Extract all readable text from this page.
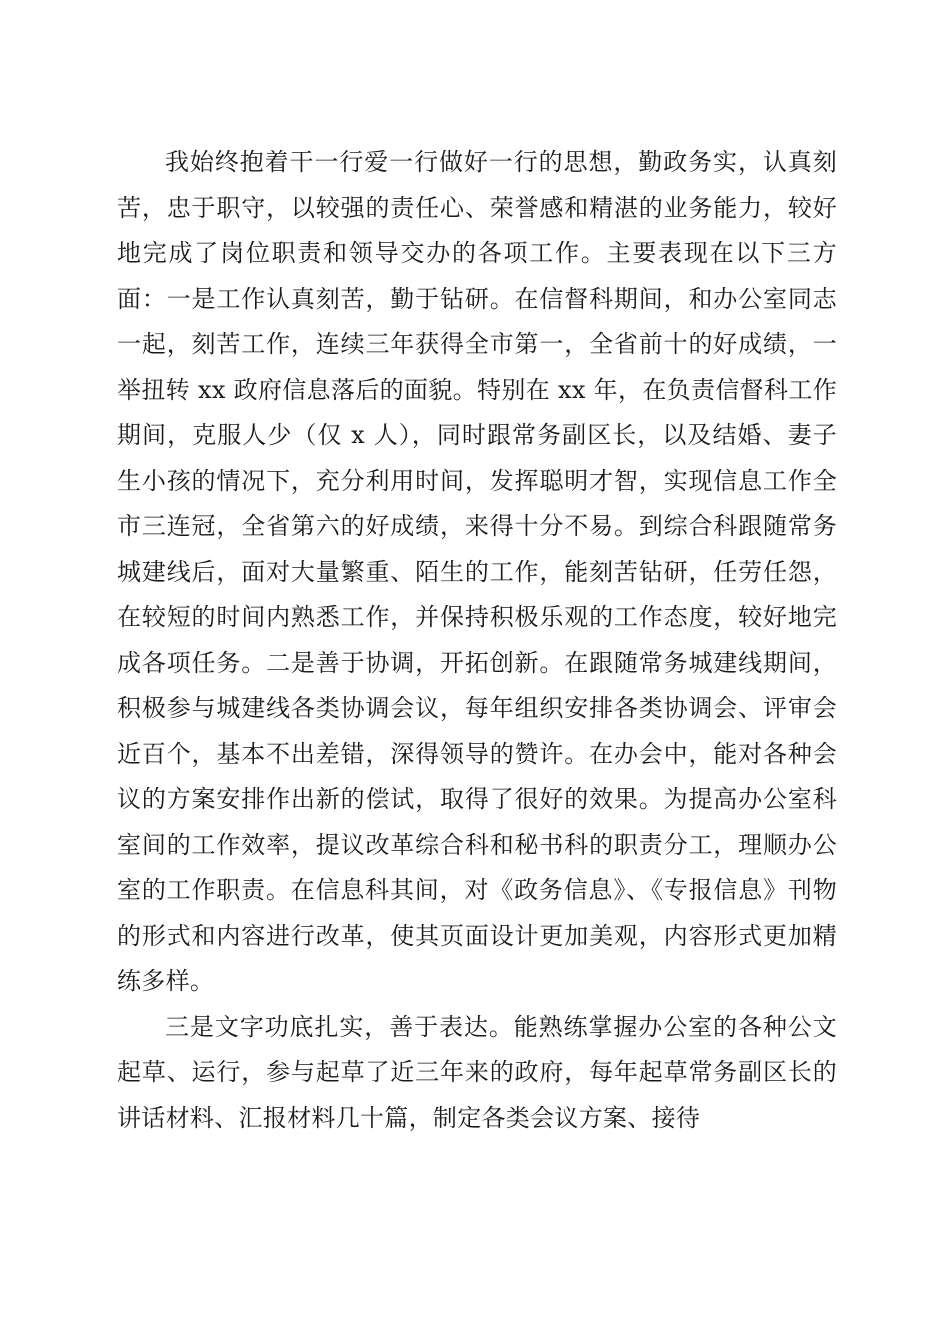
我始终抱着干一行爱一行做好一行的思想，勤政务实，认真刻苦，忠于职守，以较强的责任心、荣誉感和精湛的业务能力，较好地完成了岗位职责和领导交办的各项工作。主要表现在以下三方面：一是工作认真刻苦，勤于钻研。在信督科期间，和办公室同志一起，刻苦工作，连续三年获得全市第一，全省前十的好成绩，一举扭转 xx 政府信息落后的面貌。特别在 xx 年，在负责信督科工作期间，克服人少（仅 x 人），同时跟常务副区长，以及结婚、妻子生小孩的情况下，充分利用时间，发挥聪明才智，实现信息工作全市三连冠，全省第六的好成绩，来得十分不易。到综合科跟随常务城建线后，面对大量繁重、陌生的工作，能刻苦钻研，任劳任怨，在较短的时间内熟悉工作，并保持积极乐观的工作态度，较好地完成各项任务。二是善于协调，开拓创新。在跟随常务城建线期间，积极参与城建线各类协调会议，每年组织安排各类协调会、评审会近百个，基本不出差错，深得领导的赞许。在办会中，能对各种会议的方案安排作出新的偿试，取得了很好的效果。为提高办公室科室间的工作效率，提议改革综合科和秘书科的职责分工，理顺办公室的工作职责。在信息科其间，对《政务信息》、《专报信息》刊物的形式和内容进行改革，使其页面设计更加美观，内容形式更加精练多样。

三是文字功底扎实，善于表达。能熟练掌握办公室的各种公文起草、运行，参与起草了近三年来的政府，每年起草常务副区长的讲话材料、汇报材料几十篇，制定各类会议方案、接待
